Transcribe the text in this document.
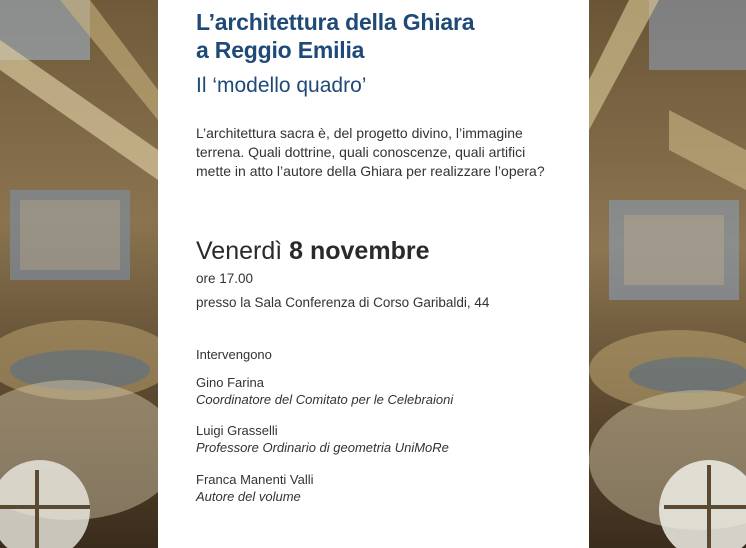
L’architettura della Ghiara
a Reggio Emilia
Il ‘modello quadro’
L’architettura sacra è, del progetto divino, l’immagine terrena. Quali dottrine, quali conoscenze, quali artifici mette in atto l’autore della Ghiara per realizzare l’opera?
Venerdì 8 novembre
ore 17.00
presso la Sala Conferenza di Corso Garibaldi, 44
Intervengono
Gino Farina
Coordinatore del Comitato per le Celebraioni
Luigi Grasselli
Professore Ordinario di geometria UniMoRe
Franca Manenti Valli
Autore del volume
